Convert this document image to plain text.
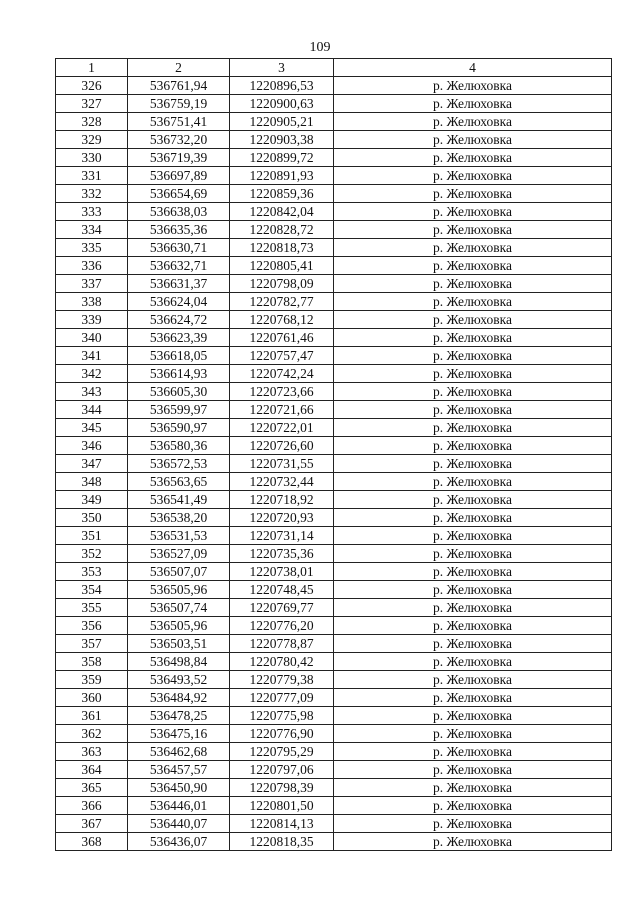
109
1	2	3	4
326	536761,94	1220896,53	р. Желюховка
327	536759,19	1220900,63	р. Желюховка
328	536751,41	1220905,21	р. Желюховка
329	536732,20	1220903,38	р. Желюховка
330	536719,39	1220899,72	р. Желюховка
331	536697,89	1220891,93	р. Желюховка
332	536654,69	1220859,36	р. Желюховка
333	536638,03	1220842,04	р. Желюховка
334	536635,36	1220828,72	р. Желюховка
335	536630,71	1220818,73	р. Желюховка
336	536632,71	1220805,41	р. Желюховка
337	536631,37	1220798,09	р. Желюховка
338	536624,04	1220782,77	р. Желюховка
339	536624,72	1220768,12	р. Желюховка
340	536623,39	1220761,46	р. Желюховка
341	536618,05	1220757,47	р. Желюховка
342	536614,93	1220742,24	р. Желюховка
343	536605,30	1220723,66	р. Желюховка
344	536599,97	1220721,66	р. Желюховка
345	536590,97	1220722,01	р. Желюховка
346	536580,36	1220726,60	р. Желюховка
347	536572,53	1220731,55	р. Желюховка
348	536563,65	1220732,44	р. Желюховка
349	536541,49	1220718,92	р. Желюховка
350	536538,20	1220720,93	р. Желюховка
351	536531,53	1220731,14	р. Желюховка
352	536527,09	1220735,36	р. Желюховка
353	536507,07	1220738,01	р. Желюховка
354	536505,96	1220748,45	р. Желюховка
355	536507,74	1220769,77	р. Желюховка
356	536505,96	1220776,20	р. Желюховка
357	536503,51	1220778,87	р. Желюховка
358	536498,84	1220780,42	р. Желюховка
359	536493,52	1220779,38	р. Желюховка
360	536484,92	1220777,09	р. Желюховка
361	536478,25	1220775,98	р. Желюховка
362	536475,16	1220776,90	р. Желюховка
363	536462,68	1220795,29	р. Желюховка
364	536457,57	1220797,06	р. Желюховка
365	536450,90	1220798,39	р. Желюховка
366	536446,01	1220801,50	р. Желюховка
367	536440,07	1220814,13	р. Желюховка
368	536436,07	1220818,35	р. Желюховка
